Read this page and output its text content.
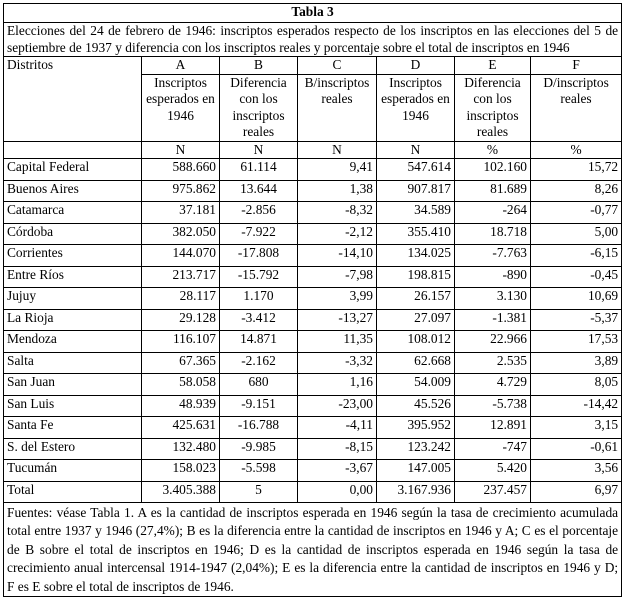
Tabla 3						
Elecciones del 24 de febrero de 1946: inscriptos esperados respecto de los inscriptos en las elecciones del 5 de septiembre de 1937 y diferencia con los inscriptos reales y porcentaje sobre el total de inscriptos en 1946						
Distritos	A	B	C	D	E	F
	Inscriptos esperados en 1946	Diferencia con los inscriptos reales	B/inscriptos reales	Inscriptos esperados en 1946	Diferencia con los inscriptos reales	D/inscriptos reales
	N	N	N	N	%	%
Capital Federal	588.660	61.114	9,41	547.614	102.160	15,72
Buenos Aires	975.862	13.644	1,38	907.817	81.689	8,26
Catamarca	37.181	-2.856	-8,32	34.589	-264	-0,77
Córdoba	382.050	-7.922	-2,12	355.410	18.718	5,00
Corrientes	144.070	-17.808	-14,10	134.025	-7.763	-6,15
Entre Ríos	213.717	-15.792	-7,98	198.815	-890	-0,45
Jujuy	28.117	1.170	3,99	26.157	3.130	10,69
La Rioja	29.128	-3.412	-13,27	27.097	-1.381	-5,37
Mendoza	116.107	14.871	11,35	108.012	22.966	17,53
Salta	67.365	-2.162	-3,32	62.668	2.535	3,89
San Juan	58.058	680	1,16	54.009	4.729	8,05
San Luis	48.939	-9.151	-23,00	45.526	-5.738	-14,42
Santa Fe	425.631	-16.788	-4,11	395.952	12.891	3,15
S. del Estero	132.480	-9.985	-8,15	123.242	-747	-0,61
Tucumán	158.023	-5.598	-3,67	147.005	5.420	3,56
Total	3.405.388	5	0,00	3.167.936	237.457	6,97
Fuentes: véase Tabla 1. A es la cantidad de inscriptos esperada en 1946 según la tasa de crecimiento acumulada total entre 1937 y 1946 (27,4%); B es la diferencia entre la cantidad de inscriptos en 1946 y A; C es el porcentaje de B sobre el total de inscriptos en 1946; D es la cantidad de inscriptos esperada en 1946 según la tasa de crecimiento anual intercensal 1914-1947 (2,04%); E es la diferencia entre la cantidad de inscriptos en 1946 y D; F es E sobre el total de inscriptos de 1946.						
